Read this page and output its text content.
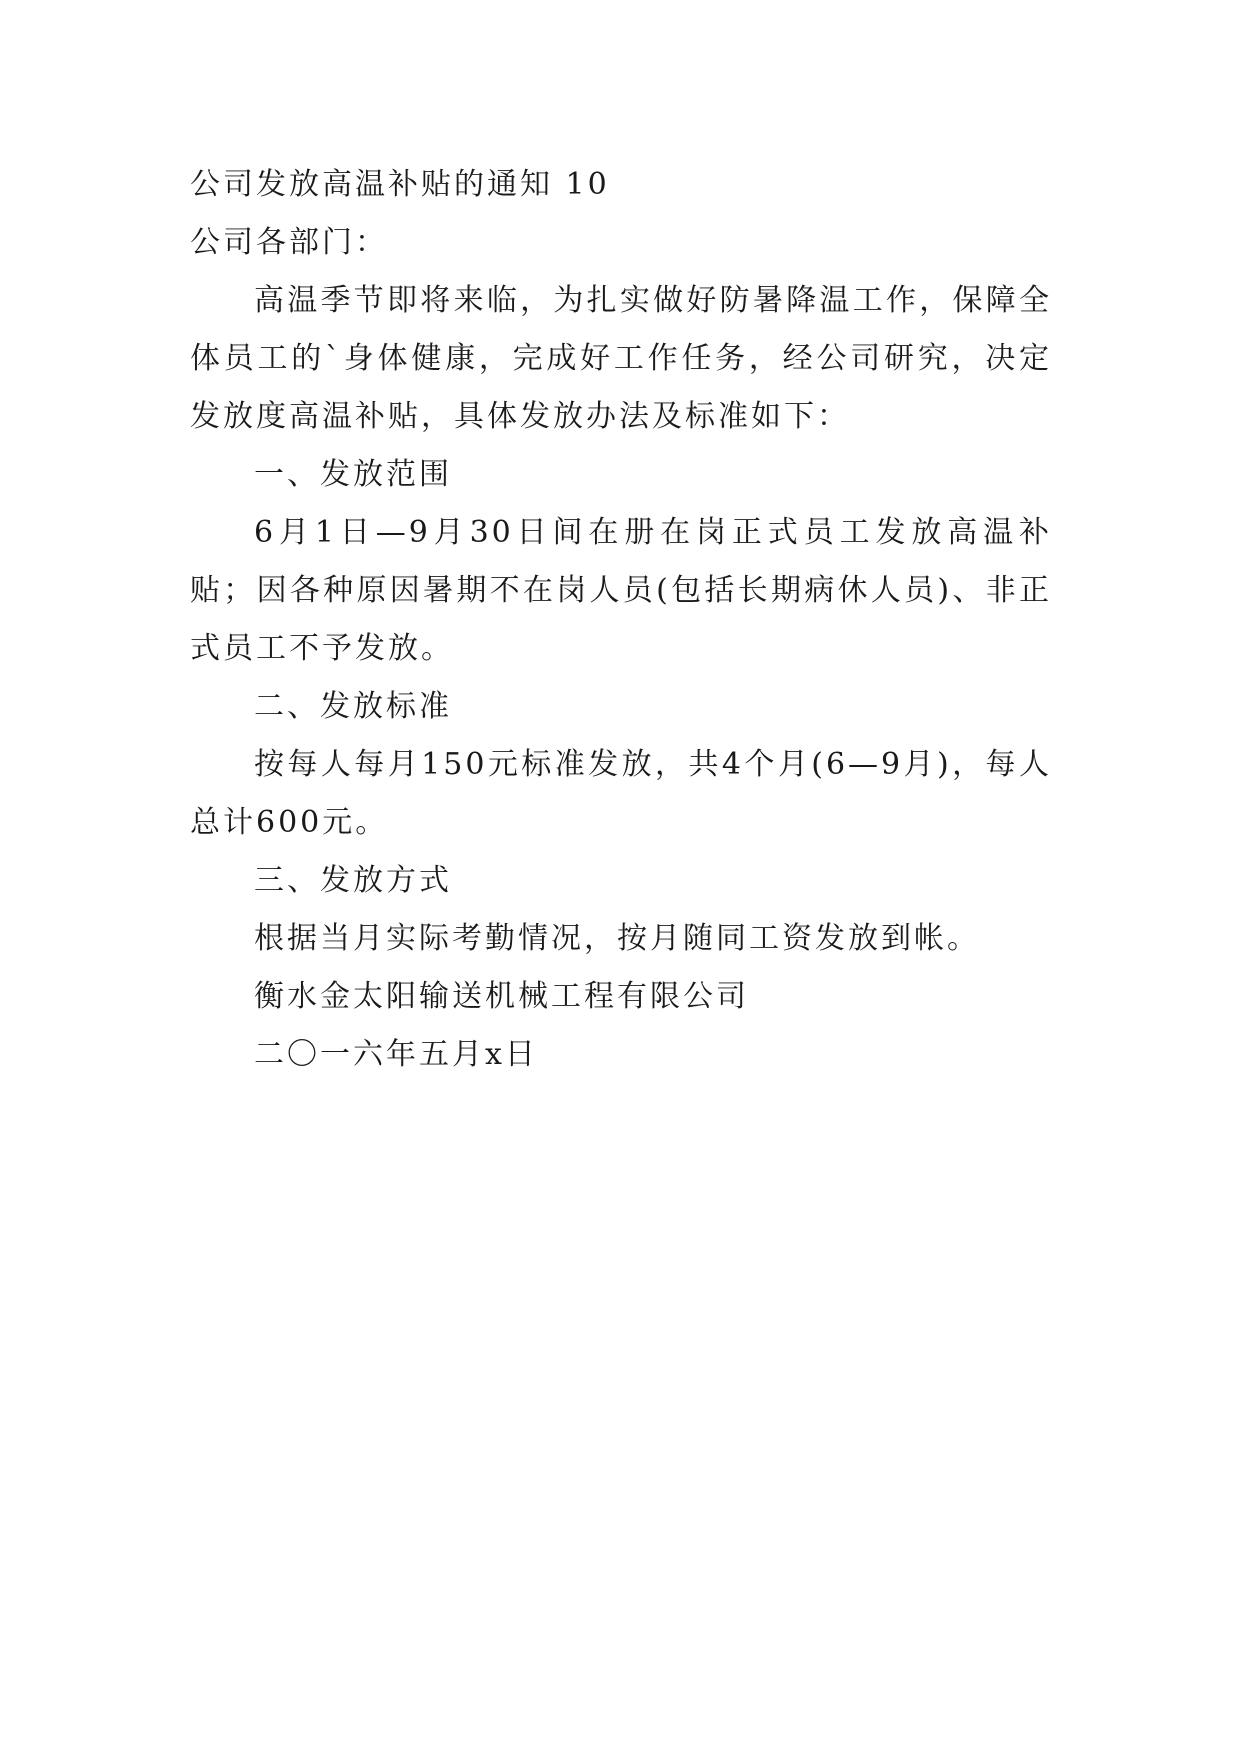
公司发放高温补贴的通知 10

公司各部门：

高温季节即将来临，为扎实做好防暑降温工作，保障全体员工的`身体健康，完成好工作任务，经公司研究，决定发放度高温补贴，具体发放办法及标准如下：

一、发放范围

6月1日—9月30日间在册在岗正式员工发放高温补贴；因各种原因暑期不在岗人员(包括长期病休人员)、非正式员工不予发放。

二、发放标准

按每人每月150元标准发放，共4个月(6—9月)，每人总计600元。

三、发放方式

根据当月实际考勤情况，按月随同工资发放到帐。

衡水金太阳输送机械工程有限公司

二〇一六年五月x日
